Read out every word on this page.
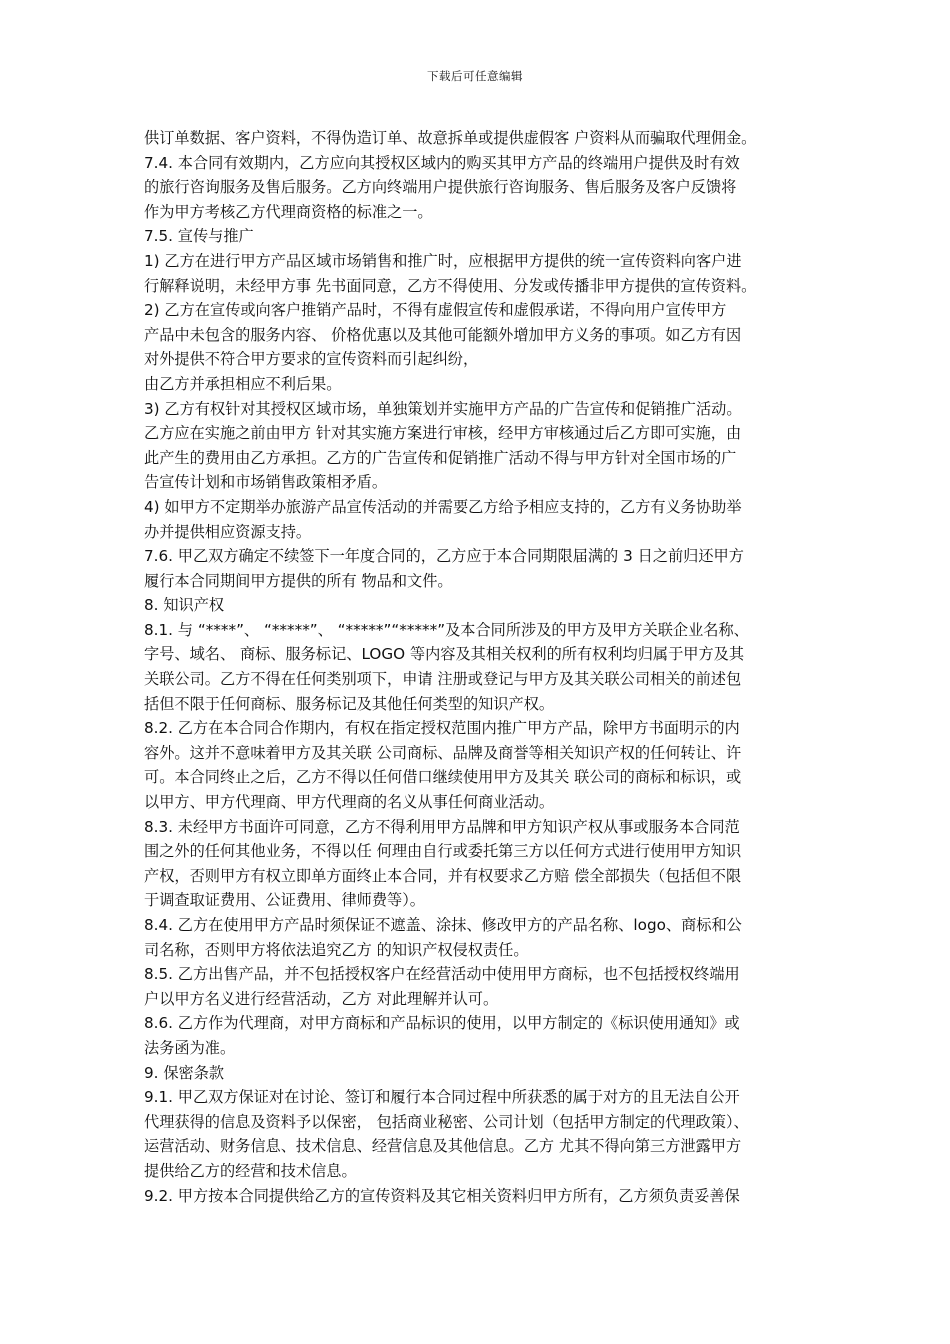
下载后可任意编辑
供订单数据、客户资料，不得伪造订单、故意拆单或提供虚假客 户资料从而骗取代理佣金。
7.4. 本合同有效期内，乙方应向其授权区域内的购买其甲方产品的终端用户提供及时有效
的旅行咨询服务及售后服务。乙方向终端用户提供旅行咨询服务、售后服务及客户反馈将
作为甲方考核乙方代理商资格的标准之一。
7.5. 宣传与推广
1) 乙方在进行甲方产品区域市场销售和推广时，应根据甲方提供的统一宣传资料向客户进
行解释说明，未经甲方事 先书面同意，乙方不得使用、分发或传播非甲方提供的宣传资料。
2) 乙方在宣传或向客户推销产品时，不得有虚假宣传和虚假承诺，不得向用户宣传甲方
产品中未包含的服务内容、 价格优惠以及其他可能额外增加甲方义务的事项。如乙方有因
对外提供不符合甲方要求的宣传资料而引起纠纷，
由乙方并承担相应不利后果。
3) 乙方有权针对其授权区域市场，单独策划并实施甲方产品的广告宣传和促销推广活动。
乙方应在实施之前由甲方 针对其实施方案进行审核，经甲方审核通过后乙方即可实施，由
此产生的费用由乙方承担。乙方的广告宣传和促销推广活动不得与甲方针对全国市场的广
告宣传计划和市场销售政策相矛盾。
4) 如甲方不定期举办旅游产品宣传活动的并需要乙方给予相应支持的，乙方有义务协助举
办并提供相应资源支持。
7.6. 甲乙双方确定不续签下一年度合同的，乙方应于本合同期限届满的 3 日之前归还甲方
履行本合同期间甲方提供的所有 物品和文件。
8. 知识产权
8.1. 与 “****”、 “*****”、 “*****”“*****”及本合同所涉及的甲方及甲方关联企业名称、
字号、域名、 商标、服务标记、LOGO 等内容及其相关权利的所有权利均归属于甲方及其
关联公司。乙方不得在任何类别项下，申请 注册或登记与甲方及其关联公司相关的前述包
括但不限于任何商标、服务标记及其他任何类型的知识产权。
8.2. 乙方在本合同合作期内，有权在指定授权范围内推广甲方产品，除甲方书面明示的内
容外。这并不意味着甲方及其关联 公司商标、品牌及商誉等相关知识产权的任何转让、许
可。本合同终止之后，乙方不得以任何借口继续使用甲方及其关 联公司的商标和标识，或
以甲方、甲方代理商、甲方代理商的名义从事任何商业活动。
8.3. 未经甲方书面许可同意，乙方不得利用甲方品牌和甲方知识产权从事或服务本合同范
围之外的任何其他业务，不得以任 何理由自行或委托第三方以任何方式进行使用甲方知识
产权，否则甲方有权立即单方面终止本合同，并有权要求乙方赔 偿全部损失（包括但不限
于调查取证费用、公证费用、律师费等）。
8.4. 乙方在使用甲方产品时须保证不遮盖、涂抹、修改甲方的产品名称、logo、商标和公
司名称，否则甲方将依法追究乙方 的知识产权侵权责任。
8.5. 乙方出售产品，并不包括授权客户在经营活动中使用甲方商标，也不包括授权终端用
户以甲方名义进行经营活动，乙方 对此理解并认可。
8.6. 乙方作为代理商，对甲方商标和产品标识的使用，以甲方制定的《标识使用通知》或
法务函为准。
9. 保密条款
9.1. 甲乙双方保证对在讨论、签订和履行本合同过程中所获悉的属于对方的且无法自公开
代理获得的信息及资料予以保密， 包括商业秘密、公司计划（包括甲方制定的代理政策）、
运营活动、财务信息、技术信息、经营信息及其他信息。乙方 尤其不得向第三方泄露甲方
提供给乙方的经营和技术信息。
9.2. 甲方按本合同提供给乙方的宣传资料及其它相关资料归甲方所有，乙方须负责妥善保
